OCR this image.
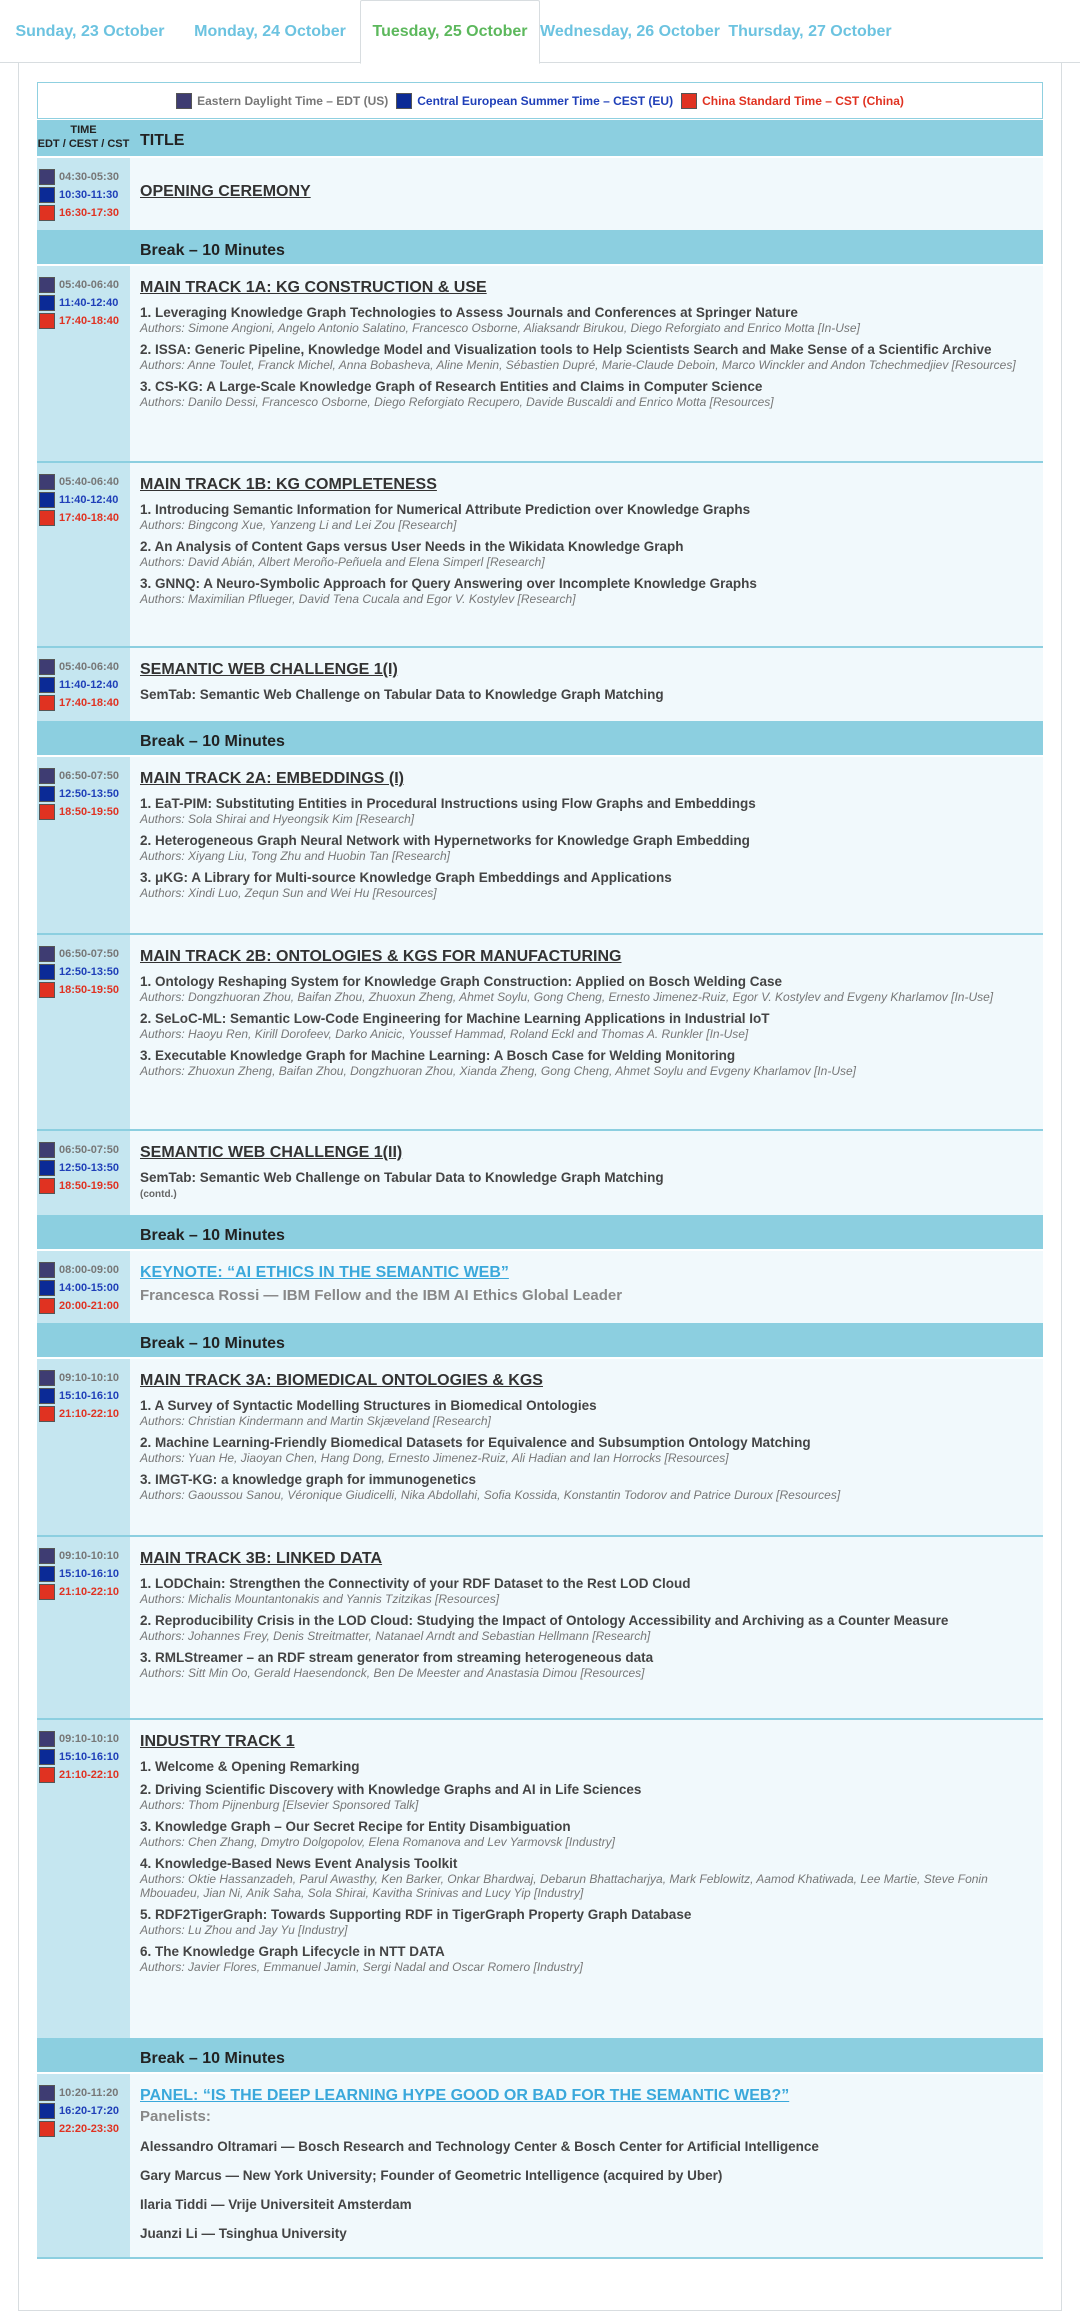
Sunday, 23 October	Monday, 24 October	Tuesday, 25 October Wednesday, 26 October Thursday, 27 October
Eastern Daylight Time – EDT (US) Central European Summer Time – CEST (EU) China Standard Time – CST (China)
TIME
EDT / CEST / CST TITLE
04:30-05:30
10:30-11:30
16:30-17:30
OPENING CEREMONY
Break – 10 Minutes
05:40-06:40
11:40-12:40
17:40-18:40
MAIN TRACK 1A: KG CONSTRUCTION & USE
1. Leveraging Knowledge Graph Technologies to Assess Journals and Conferences at Springer Nature
Authors: Simone Angioni, Angelo Antonio Salatino, Francesco Osborne, Aliaksandr Birukou, Diego Reforgiato and Enrico Motta [In-Use]
2. ISSA: Generic Pipeline, Knowledge Model and Visualization tools to Help Scientists Search and Make Sense of a Scientific Archive
Authors: Anne Toulet, Franck Michel, Anna Bobasheva, Aline Menin, Sébastien Dupré, Marie-Claude Deboin, Marco Winckler and Andon Tchechmedjiev [Resources]
3. CS-KG: A Large-Scale Knowledge Graph of Research Entities and Claims in Computer Science
Authors: Danilo Dessi, Francesco Osborne, Diego Reforgiato Recupero, Davide Buscaldi and Enrico Motta [Resources]
05:40-06:40
11:40-12:40
17:40-18:40
MAIN TRACK 1B: KG COMPLETENESS
1. Introducing Semantic Information for Numerical Attribute Prediction over Knowledge Graphs
Authors: Bingcong Xue, Yanzeng Li and Lei Zou [Research]
2. An Analysis of Content Gaps versus User Needs in the Wikidata Knowledge Graph
Authors: David Abián, Albert Meroño-Peñuela and Elena Simperl [Research]
3. GNNQ: A Neuro-Symbolic Approach for Query Answering over Incomplete Knowledge Graphs
Authors: Maximilian Pflueger, David Tena Cucala and Egor V. Kostylev [Research]
05:40-06:40
11:40-12:40
17:40-18:40
SEMANTIC WEB CHALLENGE 1(I)
SemTab: Semantic Web Challenge on Tabular Data to Knowledge Graph Matching
Break – 10 Minutes
06:50-07:50
12:50-13:50
18:50-19:50
MAIN TRACK 2A: EMBEDDINGS (I)
1. EaT-PIM: Substituting Entities in Procedural Instructions using Flow Graphs and Embeddings
Authors: Sola Shirai and Hyeongsik Kim [Research]
2. Heterogeneous Graph Neural Network with Hypernetworks for Knowledge Graph Embedding
Authors: Xiyang Liu, Tong Zhu and Huobin Tan [Research]
3. μKG: A Library for Multi-source Knowledge Graph Embeddings and Applications
Authors: Xindi Luo, Zequn Sun and Wei Hu [Resources]
06:50-07:50
12:50-13:50
18:50-19:50
MAIN TRACK 2B: ONTOLOGIES & KGS FOR MANUFACTURING
1. Ontology Reshaping System for Knowledge Graph Construction: Applied on Bosch Welding Case
Authors: Dongzhuoran Zhou, Baifan Zhou, Zhuoxun Zheng, Ahmet Soylu, Gong Cheng, Ernesto Jimenez-Ruiz, Egor V. Kostylev and Evgeny Kharlamov [In-Use]
2. SeLoC-ML: Semantic Low-Code Engineering for Machine Learning Applications in Industrial IoT
Authors: Haoyu Ren, Kirill Dorofeev, Darko Anicic, Youssef Hammad, Roland Eckl and Thomas A. Runkler [In-Use]
3. Executable Knowledge Graph for Machine Learning: A Bosch Case for Welding Monitoring
Authors: Zhuoxun Zheng, Baifan Zhou, Dongzhuoran Zhou, Xianda Zheng, Gong Cheng, Ahmet Soylu and Evgeny Kharlamov [In-Use]
06:50-07:50
12:50-13:50
18:50-19:50
SEMANTIC WEB CHALLENGE 1(II)
SemTab: Semantic Web Challenge on Tabular Data to Knowledge Graph Matching
(contd.)
Break – 10 Minutes
08:00-09:00
14:00-15:00
20:00-21:00
KEYNOTE: “AI ETHICS IN THE SEMANTIC WEB”
Francesca Rossi — IBM Fellow and the IBM AI Ethics Global Leader
Break – 10 Minutes
09:10-10:10
15:10-16:10
21:10-22:10
MAIN TRACK 3A: BIOMEDICAL ONTOLOGIES & KGS
1. A Survey of Syntactic Modelling Structures in Biomedical Ontologies
Authors: Christian Kindermann and Martin Skjæveland [Research]
2. Machine Learning-Friendly Biomedical Datasets for Equivalence and Subsumption Ontology Matching
Authors: Yuan He, Jiaoyan Chen, Hang Dong, Ernesto Jimenez-Ruiz, Ali Hadian and Ian Horrocks [Resources]
3. IMGT-KG: a knowledge graph for immunogenetics
Authors: Gaoussou Sanou, Véronique Giudicelli, Nika Abdollahi, Sofia Kossida, Konstantin Todorov and Patrice Duroux [Resources]
09:10-10:10
15:10-16:10
21:10-22:10
MAIN TRACK 3B: LINKED DATA
1. LODChain: Strengthen the Connectivity of your RDF Dataset to the Rest LOD Cloud
Authors: Michalis Mountantonakis and Yannis Tzitzikas [Resources]
2. Reproducibility Crisis in the LOD Cloud: Studying the Impact of Ontology Accessibility and Archiving as a Counter Measure
Authors: Johannes Frey, Denis Streitmatter, Natanael Arndt and Sebastian Hellmann [Research]
3. RMLStreamer – an RDF stream generator from streaming heterogeneous data
Authors: Sitt Min Oo, Gerald Haesendonck, Ben De Meester and Anastasia Dimou [Resources]
09:10-10:10
15:10-16:10
21:10-22:10
INDUSTRY TRACK 1
1. Welcome & Opening Remarking
2. Driving Scientific Discovery with Knowledge Graphs and AI in Life Sciences
Authors: Thom Pijnenburg [Elsevier Sponsored Talk]
3. Knowledge Graph – Our Secret Recipe for Entity Disambiguation
Authors: Chen Zhang, Dmytro Dolgopolov, Elena Romanova and Lev Yarmovsk [Industry]
4. Knowledge-Based News Event Analysis Toolkit
Authors: Oktie Hassanzadeh, Parul Awasthy, Ken Barker, Onkar Bhardwaj, Debarun Bhattacharjya, Mark Feblowitz, Aamod Khatiwada, Lee Martie, Steve Fonin Mbouadeu, Jian Ni, Anik Saha, Sola Shirai, Kavitha Srinivas and Lucy Yip [Industry]
5. RDF2TigerGraph: Towards Supporting RDF in TigerGraph Property Graph Database
Authors: Lu Zhou and Jay Yu [Industry]
6. The Knowledge Graph Lifecycle in NTT DATA
Authors: Javier Flores, Emmanuel Jamin, Sergi Nadal and Oscar Romero [Industry]
Break – 10 Minutes
10:20-11:20
16:20-17:20
22:20-23:30
PANEL: “IS THE DEEP LEARNING HYPE GOOD OR BAD FOR THE SEMANTIC WEB?”
Panelists:
Alessandro Oltramari — Bosch Research and Technology Center & Bosch Center for Artificial Intelligence
Gary Marcus — New York University; Founder of Geometric Intelligence (acquired by Uber)
Ilaria Tiddi — Vrije Universiteit Amsterdam
Juanzi Li — Tsinghua University
